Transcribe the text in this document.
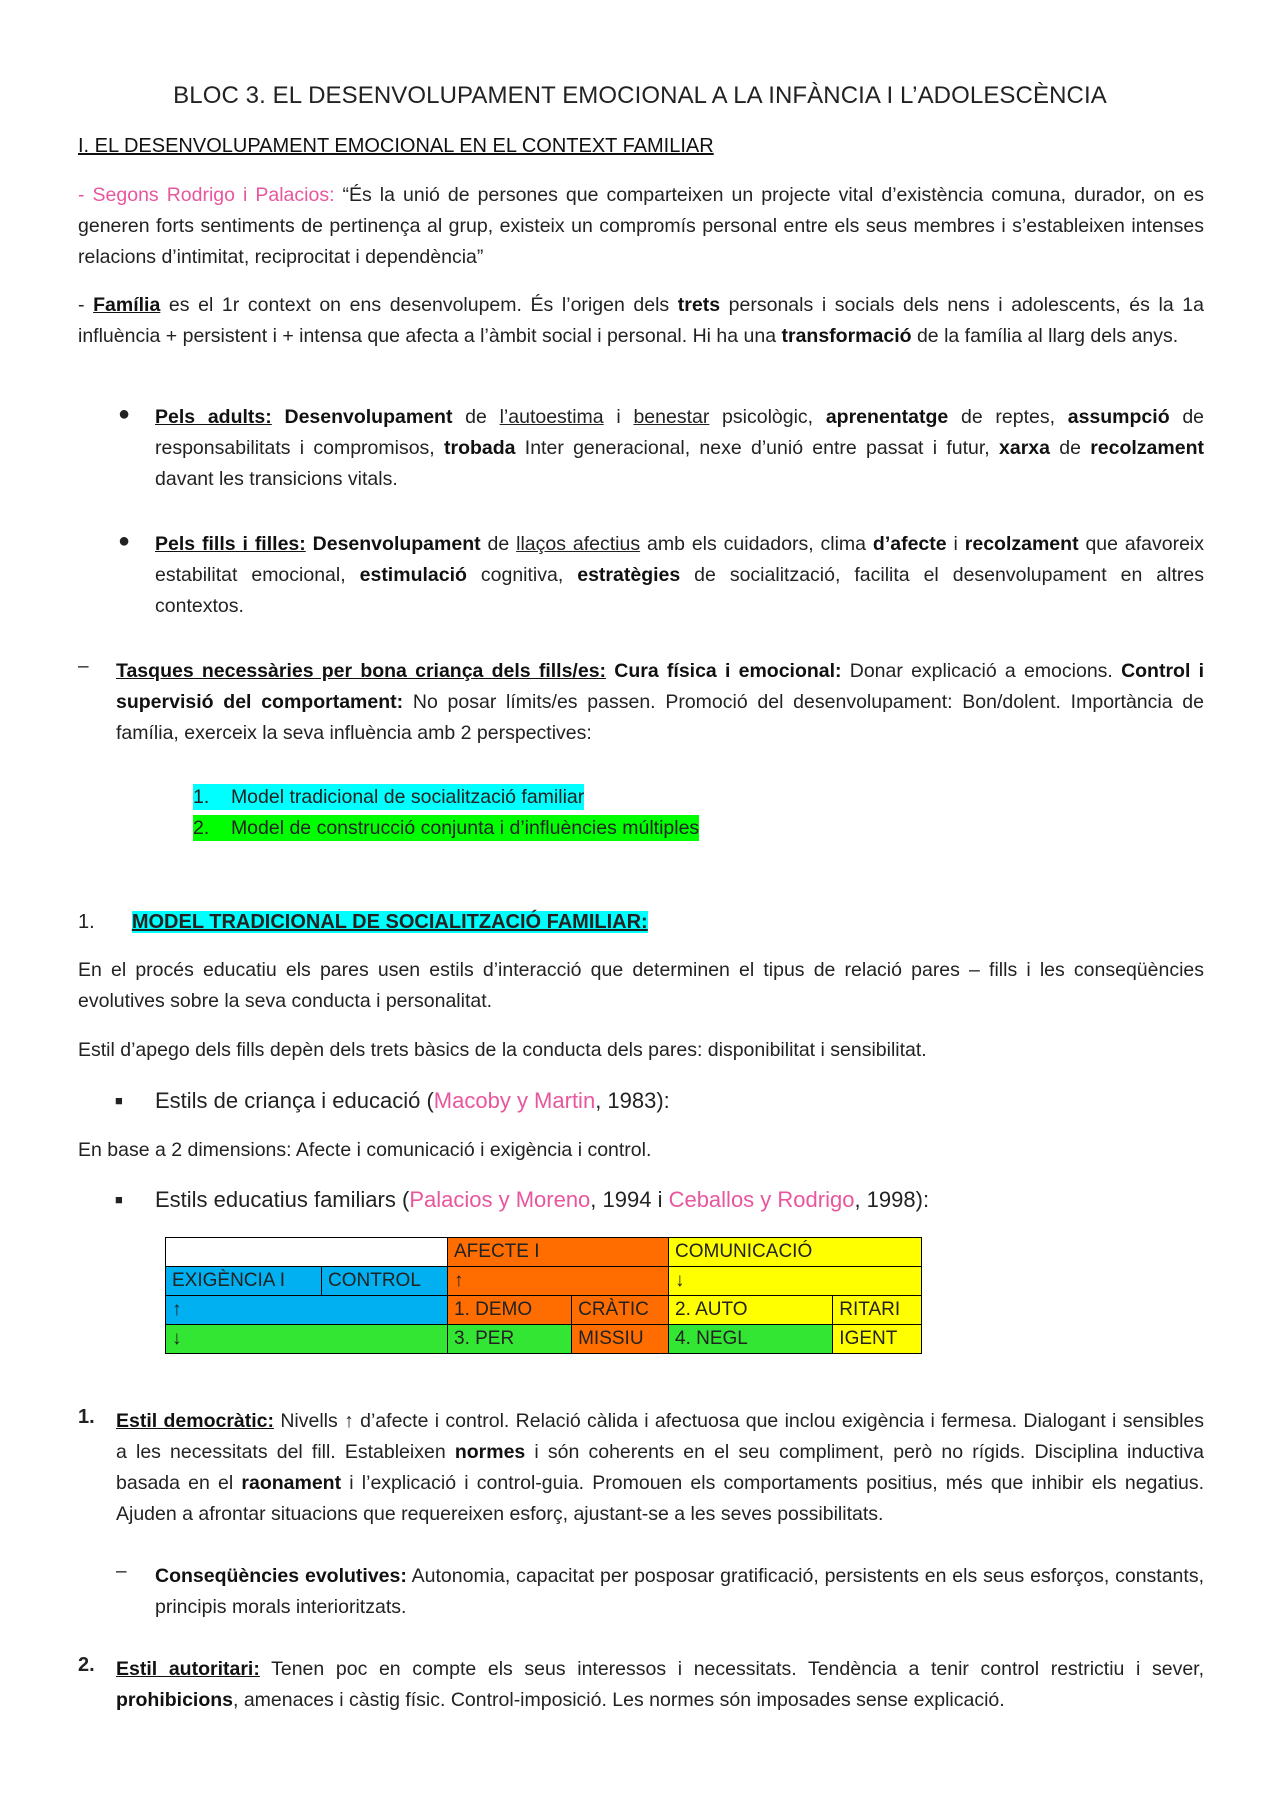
BLOC 3. EL DESENVOLUPAMENT EMOCIONAL A LA INFÀNCIA I L’ADOLESCÈNCIA
I. EL DESENVOLUPAMENT EMOCIONAL EN EL CONTEXT FAMILIAR
- Segons Rodrigo i Palacios: “És la unió de persones que comparteixen un projecte vital d’existència comuna, durador, on es generen forts sentiments de pertinença al grup, existeix un compromís personal entre els seus membres i s’estableixen intenses relacions d’intimitat, reciprocitat i dependència”
- Família es el 1r context on ens desenvolupem. És l’origen dels trets personals i socials dels nens i adolescents, és la 1a influència + persistent i + intensa que afecta a l’àmbit social i personal. Hi ha una transformació de la família al llarg dels anys.
● Pels adults: Desenvolupament de l’autoestima i benestar psicològic, aprenentatge de reptes, assumpció de responsabilitats i compromisos, trobada Inter generacional, nexe d’unió entre passat i futur, xarxa de recolzament davant les transicions vitals.
● Pels fills i filles: Desenvolupament de llaços afectius amb els cuidadors, clima d’afecte i recolzament que afavoreix estabilitat emocional, estimulació cognitiva, estratègies de socialització, facilita el desenvolupament en altres contextos.
– Tasques necessàries per bona criança dels fills/es: Cura física i emocional: Donar explicació a emocions. Control i supervisió del comportament: No posar límits/es passen. Promoció del desenvolupament: Bon/dolent. Importància de família, exerceix la seva influència amb 2 perspectives:
1. Model tradicional de socialització familiar
2. Model de construcció conjunta i d’influències múltiples
1. MODEL TRADICIONAL DE SOCIALITZACIÓ FAMILIAR:
En el procés educatiu els pares usen estils d’interacció que determinen el tipus de relació pares – fills i les conseqüències evolutives sobre la seva conducta i personalitat.
Estil d’apego dels fills depèn dels trets bàsics de la conducta dels pares: disponibilitat i sensibilitat.
■ Estils de criança i educació (Macoby y Martin, 1983):
En base a 2 dimensions: Afecte i comunicació i exigència i control.
■ Estils educatius familiars (Palacios y Moreno, 1994 i Ceballos y Rodrigo, 1998):
		AFECTE I		COMUNICACIÓ	
EXIGÈNCIA I	CONTROL	↑		↓	
↑		1. DEMO	CRÀTIC	2. AUTO	RITARI
↓		3. PER	MISSIU	4. NEGL	IGENT
1. Estil democràtic: Nivells ↑ d’afecte i control. Relació càlida i afectuosa que inclou exigència i fermesa. Dialogant i sensibles a les necessitats del fill. Estableixen normes i són coherents en el seu compliment, però no rígids. Disciplina inductiva basada en el raonament i l’explicació i control-guia. Promouen els comportaments positius, més que inhibir els negatius. Ajuden a afrontar situacions que requereixen esforç, ajustant-se a les seves possibilitats.
– Conseqüències evolutives: Autonomia, capacitat per posposar gratificació, persistents en els seus esforços, constants, principis morals interioritzats.
2. Estil autoritari: Tenen poc en compte els seus interessos i necessitats. Tendència a tenir control restrictiu i sever, prohibicions, amenaces i càstig físic. Control-imposició. Les normes són imposades sense explicació.
